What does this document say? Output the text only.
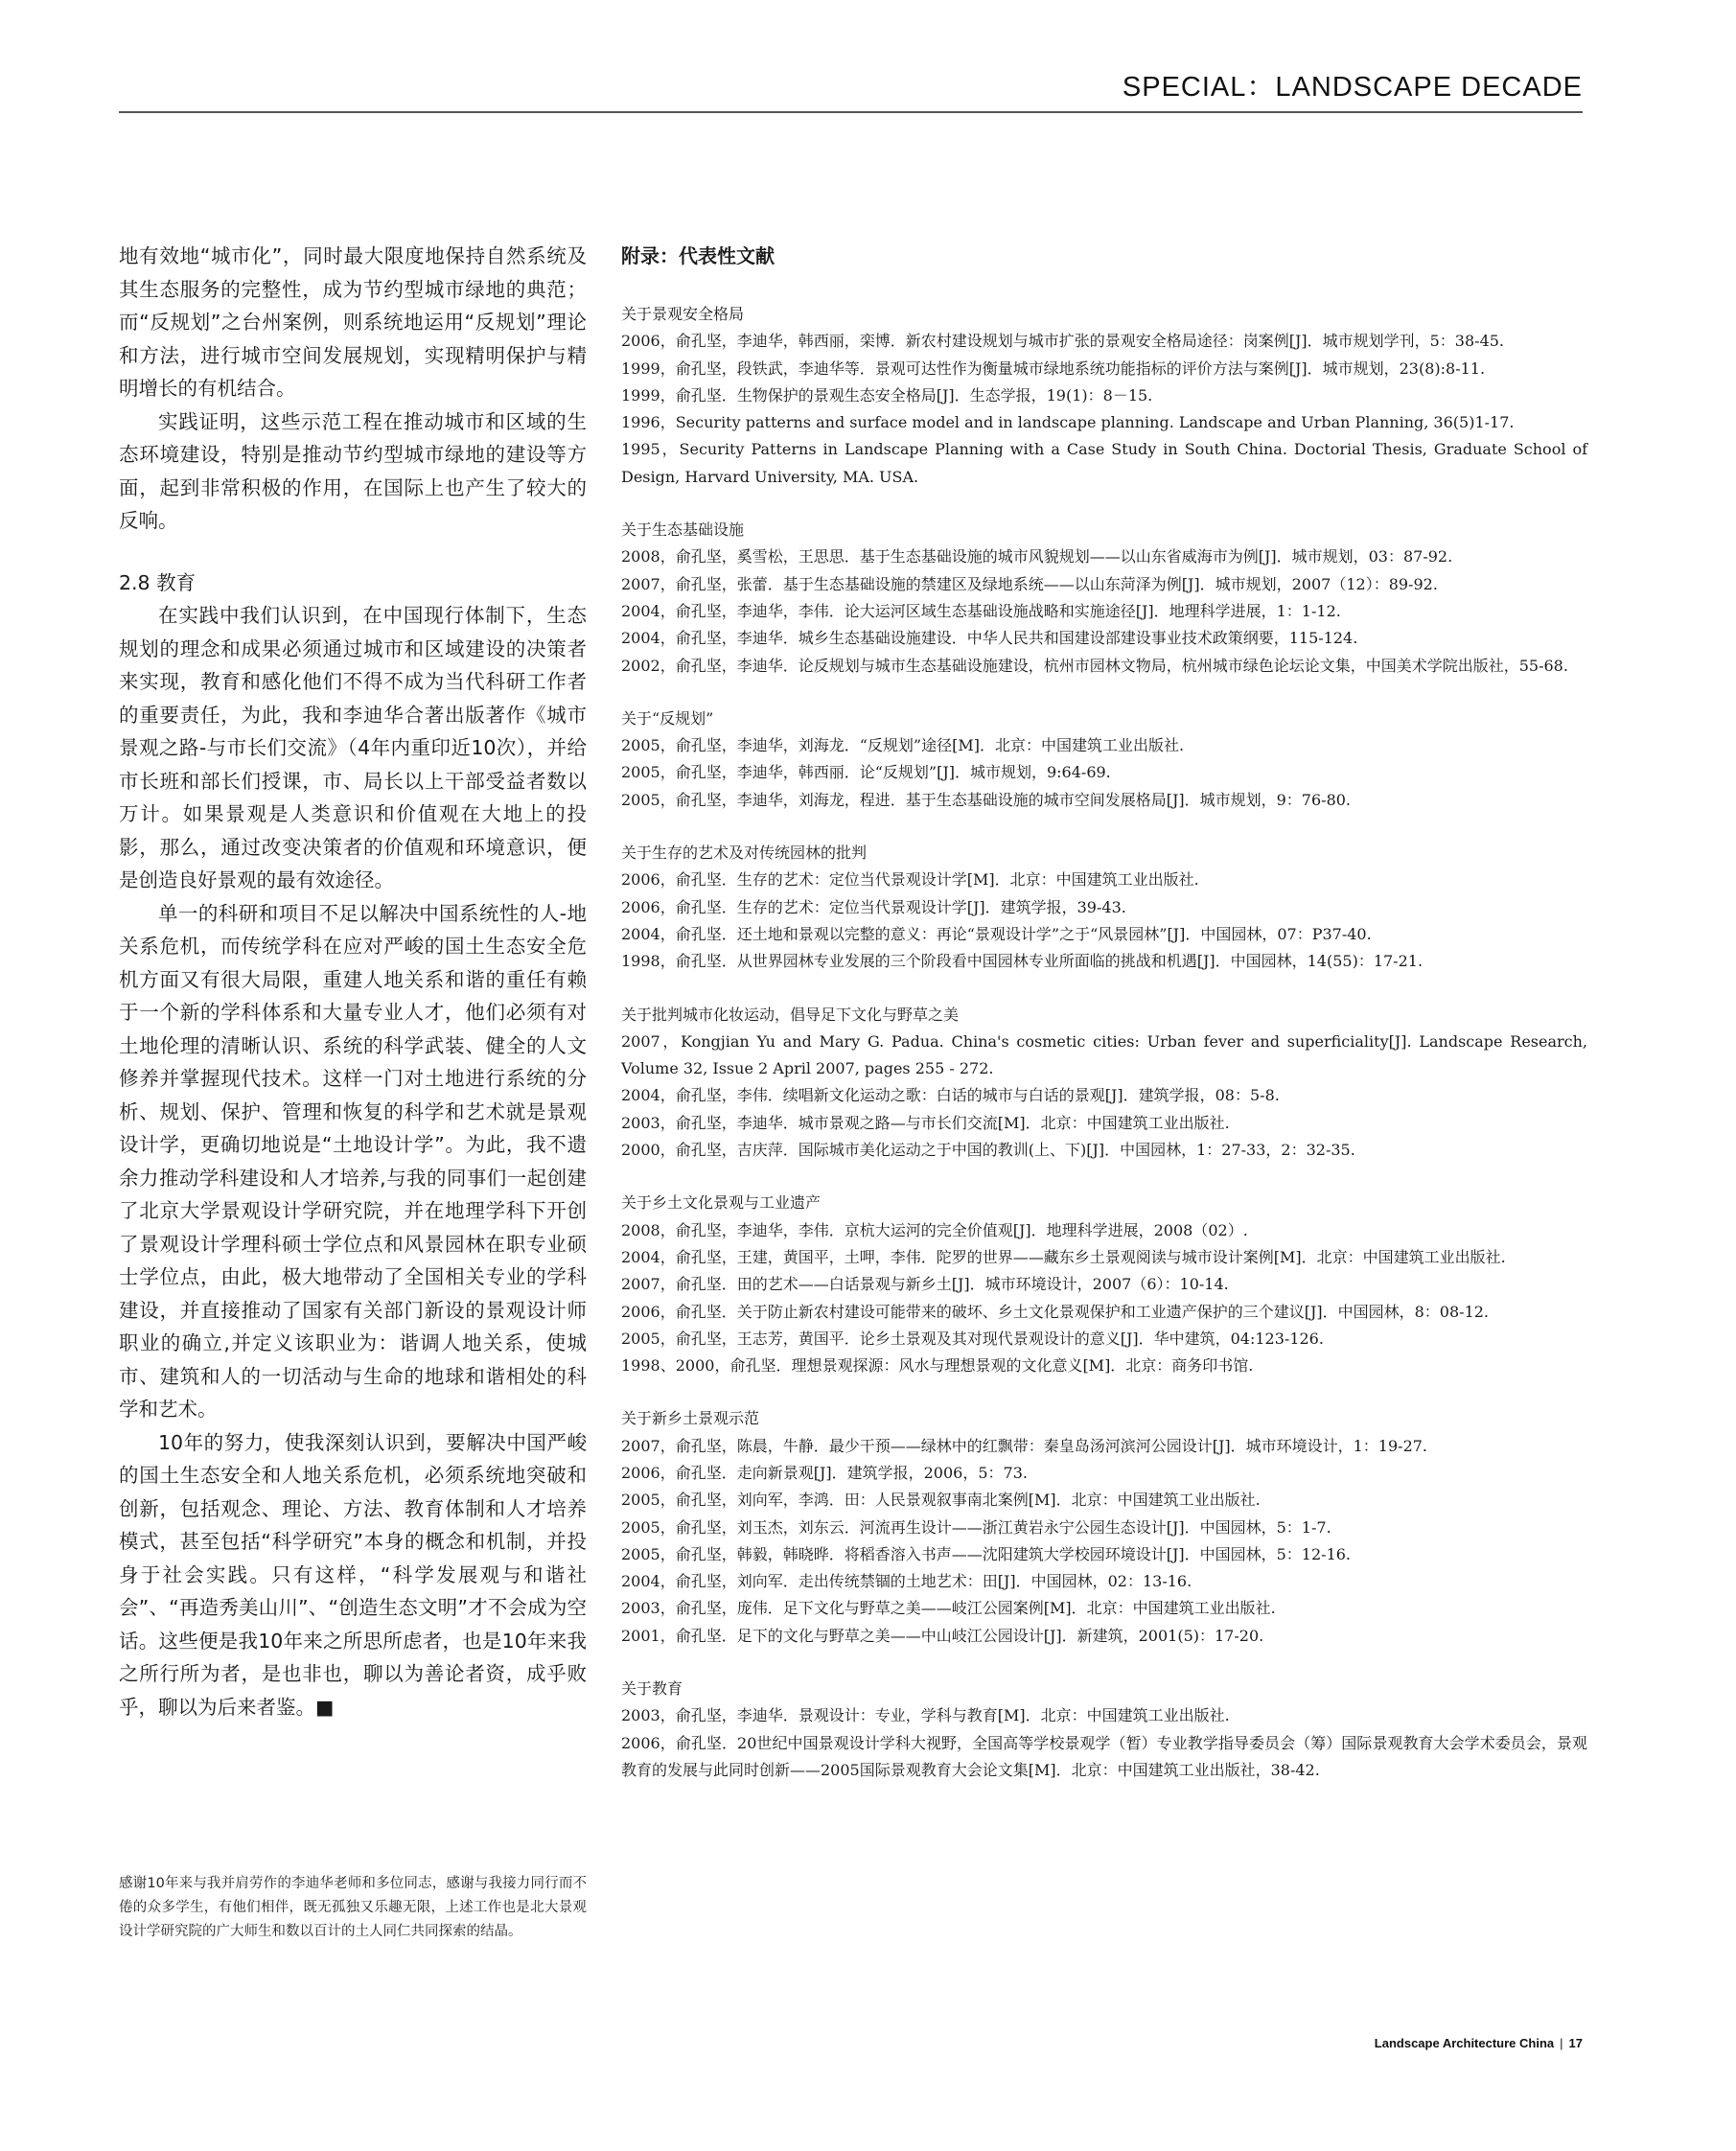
SPECIAL：LANDSCAPE DECADE

地有效地“城市化”，同时最大限度地保持自然系统及其生态服务的完整性，成为节约型城市绿地的典范；而“反规划”之台州案例，则系统地运用“反规划”理论和方法，进行城市空间发展规划，实现精明保护与精明增长的有机结合。

实践证明，这些示范工程在推动城市和区域的生态环境建设，特别是推动节约型城市绿地的建设等方面，起到非常积极的作用，在国际上也产生了较大的反响。

2.8 教育

在实践中我们认识到，在中国现行体制下，生态规划的理念和成果必须通过城市和区域建设的决策者来实现，教育和感化他们不得不成为当代科研工作者的重要责任，为此，我和李迪华合著出版著作《城市景观之路-与市长们交流》（4年内重印近10次），并给市长班和部长们授课，市、局长以上干部受益者数以万计。如果景观是人类意识和价值观在大地上的投影，那么，通过改变决策者的价值观和环境意识，便是创造良好景观的最有效途径。

单一的科研和项目不足以解决中国系统性的人-地关系危机，而传统学科在应对严峻的国土生态安全危机方面又有很大局限，重建人地关系和谐的重任有赖于一个新的学科体系和大量专业人才，他们必须有对土地伦理的清晰认识、系统的科学武装、健全的人文修养并掌握现代技术。这样一门对土地进行系统的分析、规划、保护、管理和恢复的科学和艺术就是景观设计学，更确切地说是“土地设计学”。为此，我不遗余力推动学科建设和人才培养,与我的同事们一起创建了北京大学景观设计学研究院，并在地理学科下开创了景观设计学理科硕士学位点和风景园林在职专业硕士学位点，由此，极大地带动了全国相关专业的学科建设，并直接推动了国家有关部门新设的景观设计师职业的确立,并定义该职业为：谐调人地关系，使城市、建筑和人的一切活动与生命的地球和谐相处的科学和艺术。

10年的努力，使我深刻认识到，要解决中国严峻的国土生态安全和人地关系危机，必须系统地突破和创新，包括观念、理论、方法、教育体制和人才培养模式，甚至包括“科学研究”本身的概念和机制，并投身于社会实践。只有这样，“科学发展观与和谐社会”、“再造秀美山川”、“创造生态文明”才不会成为空话。这些便是我10年来之所思所虑者，也是10年来我之所行所为者，是也非也，聊以为善论者资，成乎败乎，聊以为后来者鉴。■

感谢10年来与我并肩劳作的李迪华老师和多位同志，感谢与我接力同行而不倦的众多学生，有他们相伴，既无孤独又乐趣无限，上述工作也是北大景观设计学研究院的广大师生和数以百计的土人同仁共同探索的结晶。
附录：代表性文献

关于景观安全格局

2006，俞孔坚，李迪华，韩西丽，栾博．新农村建设规划与城市扩张的景观安全格局途径：岗案例[J]．城市规划学刊，5：38-45.

1999，俞孔坚，段铁武，李迪华等．景观可达性作为衡量城市绿地系统功能指标的评价方法与案例[J]．城市规划，23(8):8-11.

1999，俞孔坚．生物保护的景观生态安全格局[J]．生态学报，19(1)：8－15.

1996，Security patterns and surface model and in landscape planning. Landscape and Urban Planning, 36(5)1-17.

1995，Security Patterns in Landscape Planning with a Case Study in South China. Doctorial Thesis, Graduate School of Design, Harvard University, MA. USA.

关于生态基础设施

2008，俞孔坚，奚雪松，王思思．基于生态基础设施的城市风貌规划——以山东省威海市为例[J]．城市规划，03：87-92.

2007，俞孔坚，张蕾．基于生态基础设施的禁建区及绿地系统——以山东菏泽为例[J]．城市规划，2007（12）：89-92.

2004，俞孔坚，李迪华，李伟．论大运河区域生态基础设施战略和实施途径[J]．地理科学进展，1：1-12.

2004，俞孔坚，李迪华．城乡生态基础设施建设．中华人民共和国建设部建设事业技术政策纲要，115-124.

2002，俞孔坚，李迪华．论反规划与城市生态基础设施建设，杭州市园林文物局，杭州城市绿色论坛论文集，中国美术学院出版社，55-68.

关于“反规划”

2005，俞孔坚，李迪华，刘海龙．“反规划”途径[M]．北京：中国建筑工业出版社.

2005，俞孔坚，李迪华，韩西丽．论“反规划”[J]．城市规划，9:64-69.

2005，俞孔坚，李迪华，刘海龙，程进．基于生态基础设施的城市空间发展格局[J]．城市规划，9：76-80.

关于生存的艺术及对传统园林的批判

2006，俞孔坚．生存的艺术：定位当代景观设计学[M]．北京：中国建筑工业出版社.

2006，俞孔坚．生存的艺术：定位当代景观设计学[J]．建筑学报，39-43.

2004，俞孔坚．还土地和景观以完整的意义：再论“景观设计学”之于“风景园林”[J]．中国园林，07：P37-40.

1998，俞孔坚．从世界园林专业发展的三个阶段看中国园林专业所面临的挑战和机遇[J]．中国园林，14(55)：17-21.

关于批判城市化妆运动，倡导足下文化与野草之美

2007，Kongjian Yu and Mary G. Padua. China's cosmetic cities: Urban fever and superficiality[J]. Landscape Research, Volume 32, Issue 2 April 2007, pages 255 - 272.

2004，俞孔坚，李伟．续唱新文化运动之歌：白话的城市与白话的景观[J]．建筑学报，08：5-8.

2003，俞孔坚，李迪华．城市景观之路—与市长们交流[M]．北京：中国建筑工业出版社.

2000，俞孔坚，吉庆萍．国际城市美化运动之于中国的教训(上、下)[J]．中国园林，1：27-33，2：32-35.

关于乡土文化景观与工业遗产

2008，俞孔坚，李迪华，李伟．京杭大运河的完全价值观[J]．地理科学进展，2008（02）.

2004，俞孔坚，王建，黄国平，土呷，李伟．陀罗的世界——藏东乡土景观阅读与城市设计案例[M]．北京：中国建筑工业出版社.

2007，俞孔坚．田的艺术——白话景观与新乡土[J]．城市环境设计，2007（6）：10-14.

2006，俞孔坚．关于防止新农村建设可能带来的破坏、乡土文化景观保护和工业遗产保护的三个建议[J]．中国园林，8：08-12.

2005，俞孔坚，王志芳，黄国平．论乡土景观及其对现代景观设计的意义[J]．华中建筑，04:123-126.

1998、2000，俞孔坚．理想景观探源：风水与理想景观的文化意义[M]．北京：商务印书馆.

关于新乡土景观示范

2007，俞孔坚，陈晨，牛静．最少干预——绿林中的红飘带：秦皇岛汤河滨河公园设计[J]．城市环境设计，1：19-27.

2006，俞孔坚．走向新景观[J]．建筑学报，2006，5：73.

2005，俞孔坚，刘向军，李鸿．田：人民景观叙事南北案例[M]．北京：中国建筑工业出版社.

2005，俞孔坚，刘玉杰，刘东云．河流再生设计——浙江黄岩永宁公园生态设计[J]．中国园林，5：1-7.

2005，俞孔坚，韩毅，韩晓晔．将稻香溶入书声——沈阳建筑大学校园环境设计[J]．中国园林，5：12-16.

2004，俞孔坚，刘向军．走出传统禁锢的土地艺术：田[J]．中国园林，02：13-16.

2003，俞孔坚，庞伟．足下文化与野草之美——岐江公园案例[M]．北京：中国建筑工业出版社.

2001，俞孔坚．足下的文化与野草之美——中山岐江公园设计[J]．新建筑，2001(5)：17-20.

关于教育

2003，俞孔坚，李迪华．景观设计：专业，学科与教育[M]．北京：中国建筑工业出版社.

2006，俞孔坚．20世纪中国景观设计学科大视野，全国高等学校景观学（暂）专业教学指导委员会（筹）国际景观教育大会学术委员会，景观教育的发展与此同时创新——2005国际景观教育大会论文集[M]．北京：中国建筑工业出版社，38-42.

Landscape Architecture China | 17
